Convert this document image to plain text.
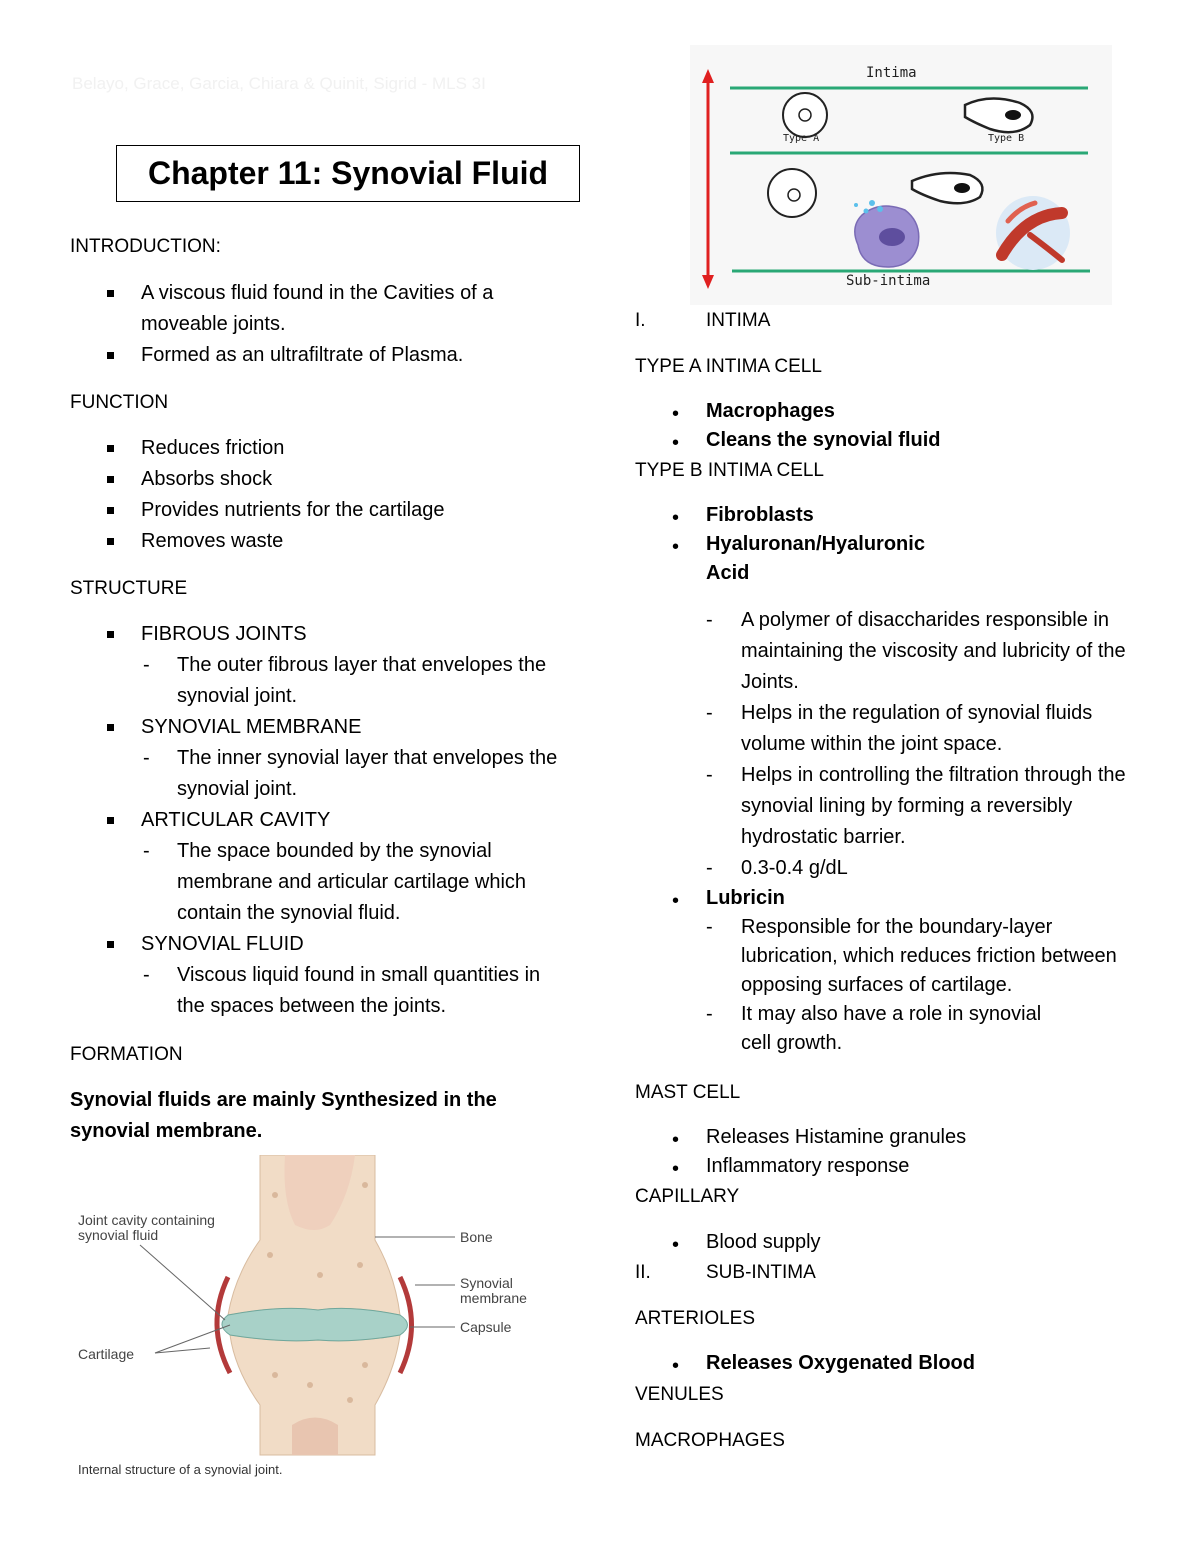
Belayo, Grace, Garcia, Chiara & Quinit, Sigrid - MLS 3I
Chapter 11: Synovial Fluid
INTRODUCTION:
A viscous fluid found in the Cavities of a moveable joints.
Formed as an ultrafiltrate of Plasma.
FUNCTION
Reduces friction
Absorbs shock
Provides nutrients for the cartilage
Removes waste
STRUCTURE
FIBROUS JOINTS
- The outer fibrous layer that envelopes the synovial joint.
SYNOVIAL MEMBRANE
- The inner synovial layer that envelopes the synovial joint.
ARTICULAR CAVITY
- The space bounded by the synovial membrane and articular cartilage which contain the synovial fluid.
SYNOVIAL FLUID
- Viscous liquid found in small quantities in the spaces between the joints.
FORMATION
Synovial fluids are mainly Synthesized in the synovial membrane.
Joint cavity containing synovial fluid	Bone
Synovial membrane
Capsule
Cartilage
Internal structure of a synovial joint.
Intima
Sub-intima
Type A	Type B
I.	INTIMA
TYPE A INTIMA CELL
• Macrophages
• Cleans the synovial fluid
TYPE B INTIMA CELL
• Fibroblasts
• Hyaluronan/Hyaluronic Acid
- A polymer of disaccharides responsible in maintaining the viscosity and lubricity of the Joints.
- Helps in the regulation of synovial fluids volume within the joint space.
- Helps in controlling the filtration through the synovial lining by forming a reversibly hydrostatic barrier.
- 0.3-0.4 g/dL
• Lubricin
- Responsible for the boundary-layer lubrication, which reduces friction between opposing surfaces of cartilage.
- It may also have a role in synovial cell growth.
MAST CELL
• Releases Histamine granules
• Inflammatory response
CAPILLARY
• Blood supply
II.	SUB-INTIMA
ARTERIOLES
• Releases Oxygenated Blood
VENULES
MACROPHAGES
